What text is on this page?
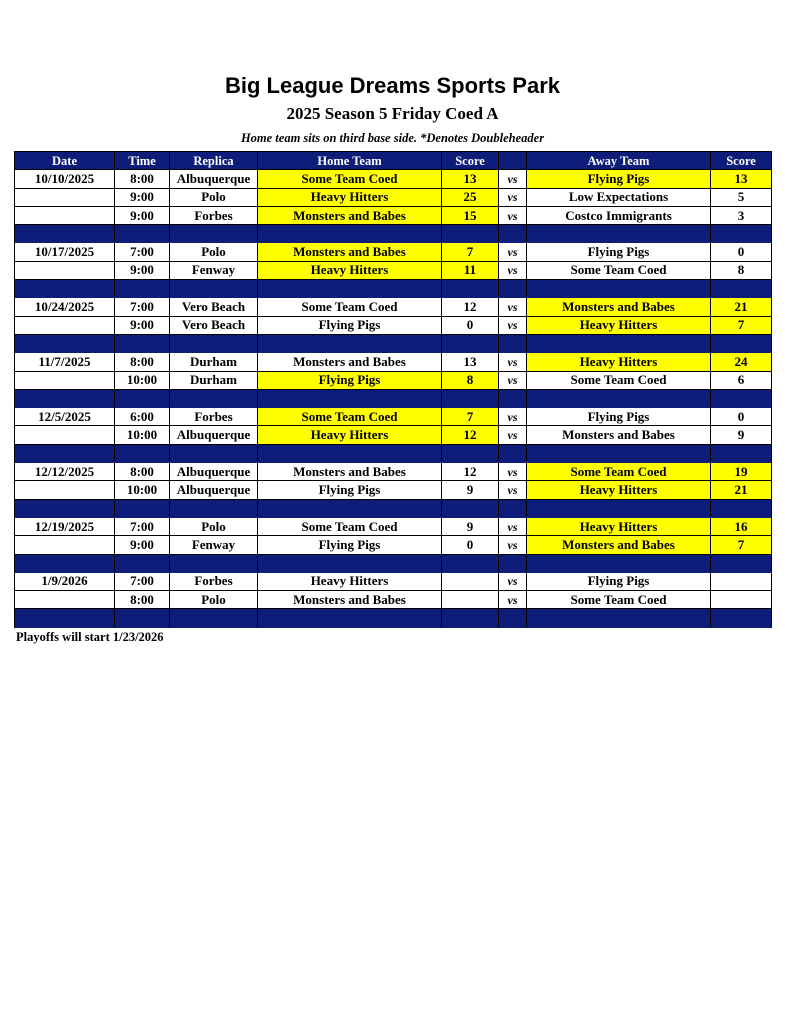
Big League Dreams Sports Park
2025 Season 5 Friday Coed A
Home team sits on third base side. *Denotes Doubleheader
Date	Time	Replica	Home Team	Score		Away Team	Score
10/10/2025	8:00	Albuquerque	Some Team Coed	13	vs	Flying Pigs	13
	9:00	Polo	Heavy Hitters	25	vs	Low Expectations	5
	9:00	Forbes	Monsters and Babes	15	vs	Costco Immigrants	3

10/17/2025	7:00	Polo	Monsters and Babes	7	vs	Flying Pigs	0
	9:00	Fenway	Heavy Hitters	11	vs	Some Team Coed	8

10/24/2025	7:00	Vero Beach	Some Team Coed	12	vs	Monsters and Babes	21
	9:00	Vero Beach	Flying Pigs	0	vs	Heavy Hitters	7

11/7/2025	8:00	Durham	Monsters and Babes	13	vs	Heavy Hitters	24
	10:00	Durham	Flying Pigs	8	vs	Some Team Coed	6

12/5/2025	6:00	Forbes	Some Team Coed	7	vs	Flying Pigs	0
	10:00	Albuquerque	Heavy Hitters	12	vs	Monsters and Babes	9

12/12/2025	8:00	Albuquerque	Monsters and Babes	12	vs	Some Team Coed	19
	10:00	Albuquerque	Flying Pigs	9	vs	Heavy Hitters	21

12/19/2025	7:00	Polo	Some Team Coed	9	vs	Heavy Hitters	16
	9:00	Fenway	Flying Pigs	0	vs	Monsters and Babes	7

1/9/2026	7:00	Forbes	Heavy Hitters		vs	Flying Pigs	
	8:00	Polo	Monsters and Babes		vs	Some Team Coed	

Playoffs will start 1/23/2026
